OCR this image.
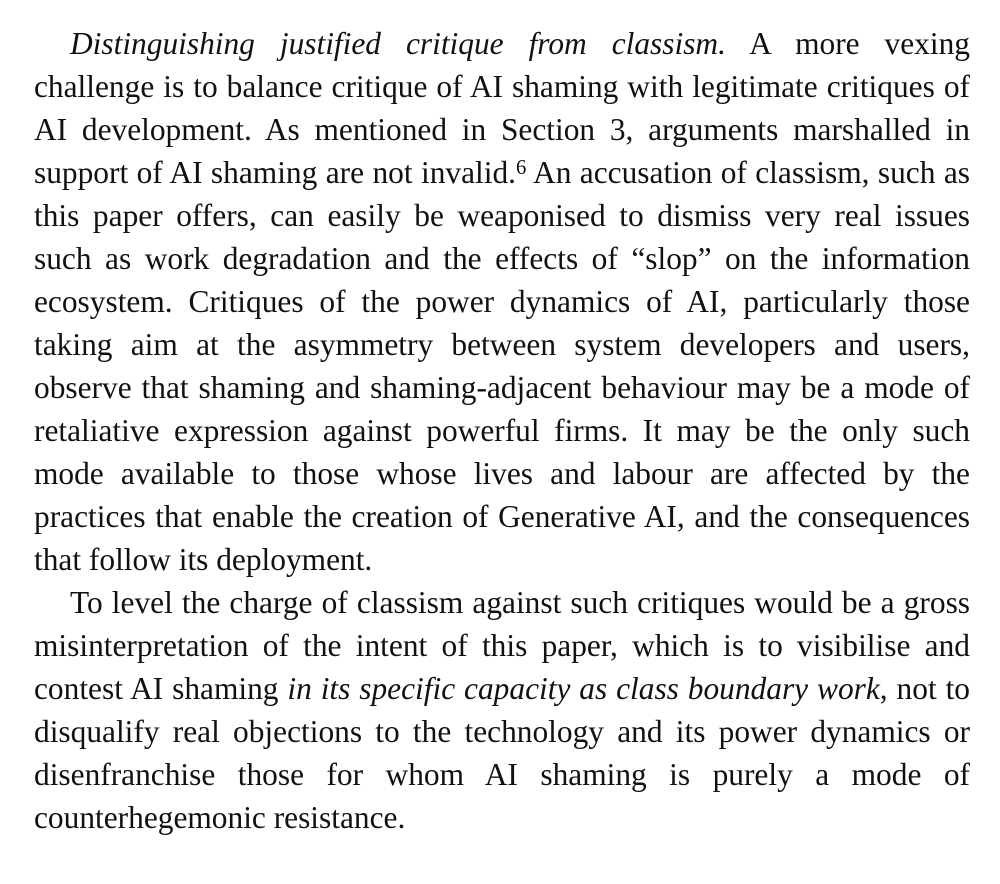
Distinguishing justified critique from classism. A more vexing challenge is to balance critique of AI shaming with legitimate critiques of AI development. As mentioned in Section 3, arguments marshalled in support of AI shaming are not invalid.$^6$ An accusation of classism, such as this paper offers, can easily be weaponised to dismiss very real issues such as work degradation and the effects of “slop” on the information ecosystem. Critiques of the power dynamics of AI, particularly those taking aim at the asymmetry between system developers and users, observe that shaming and shaming-adjacent behaviour may be a mode of retaliative expression against powerful firms. It may be the only such mode available to those whose lives and labour are affected by the practices that enable the creation of Generative AI, and the consequences that follow its deployment.

To level the charge of classism against such critiques would be a gross misinterpretation of the intent of this paper, which is to visibilise and contest AI shaming in its specific capacity as class boundary work, not to disqualify real objections to the technology and its power dynamics or disenfranchise those for whom AI shaming is purely a mode of counterhegemonic resistance.
